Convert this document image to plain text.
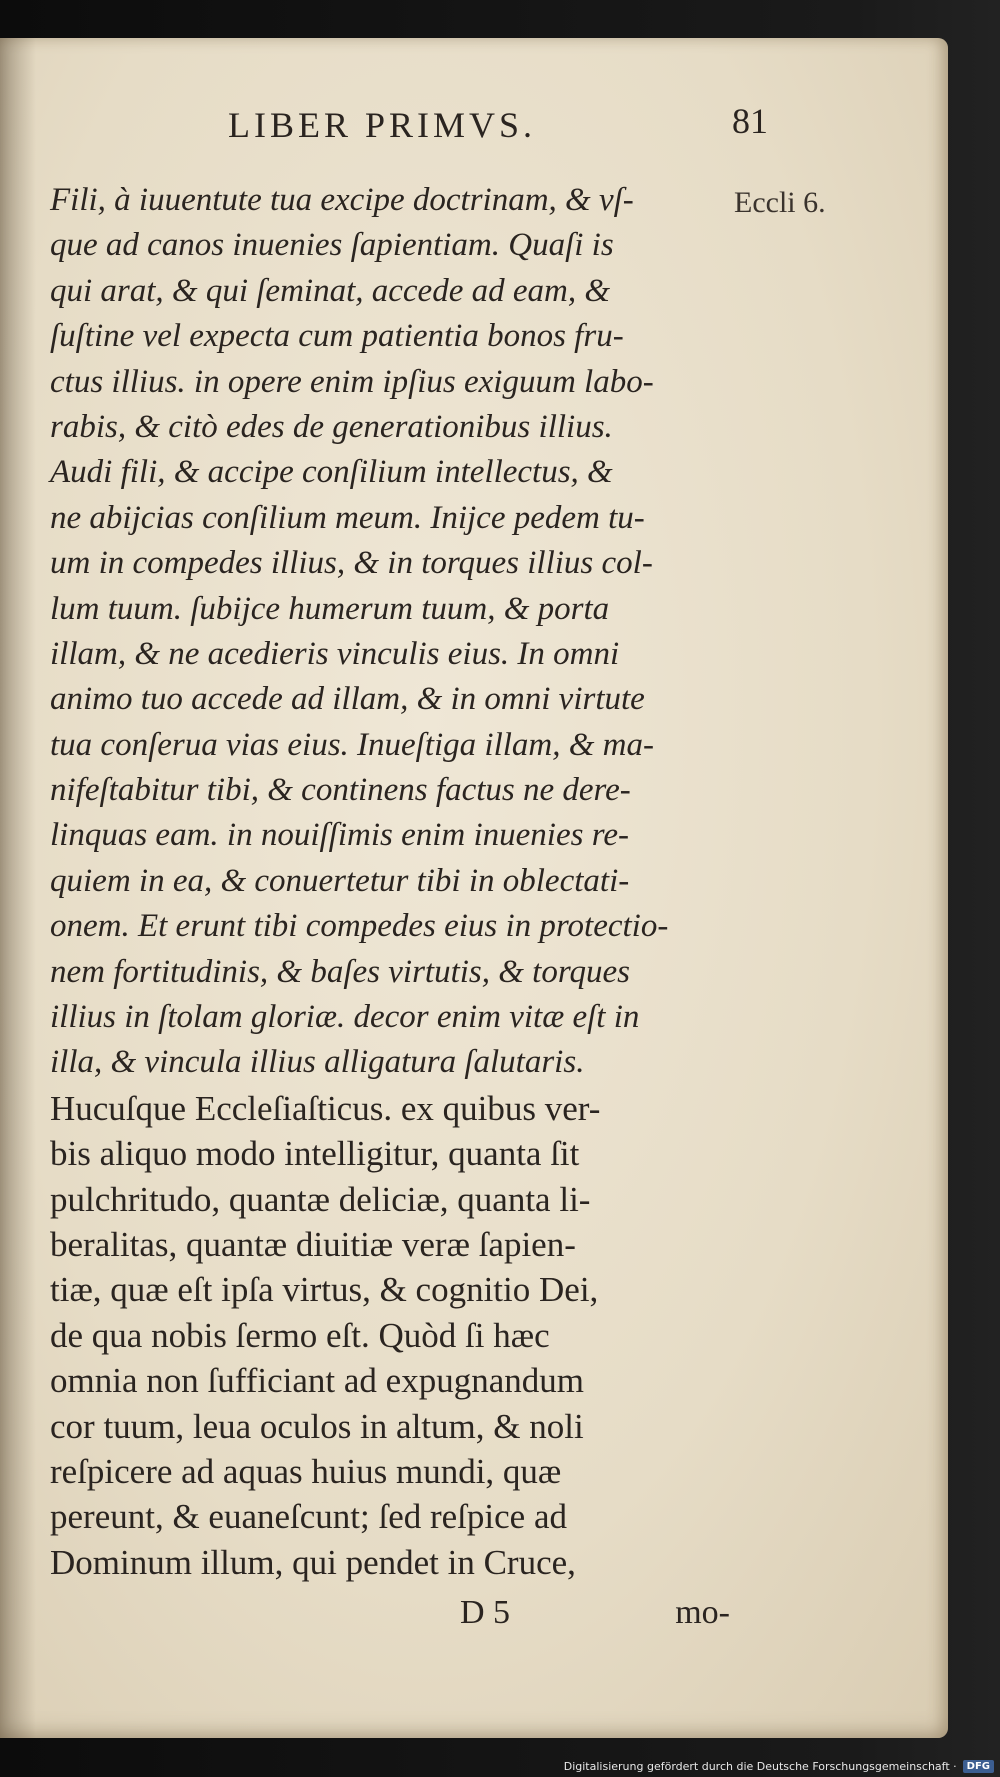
LIBER PRIMVS.	81
Eccli 6.
Fili, à iuuentute tua excipe doctrinam, & vſ-
que ad canos inuenies ſapientiam. Quaſi is
qui arat, & qui ſeminat, accede ad eam, &
ſuſtine vel expecta cum patientia bonos fru-
ctus illius. in opere enim ipſius exiguum labo-
rabis, & citò edes de generationibus illius.
Audi fili, & accipe conſilium intellectus, &
ne abijcias conſilium meum. Inijce pedem tu-
um in compedes illius, & in torques illius col-
lum tuum. ſubijce humerum tuum, & porta
illam, & ne acedieris vinculis eius. In omni
animo tuo accede ad illam, & in omni virtute
tua conſerua vias eius. Inueſtiga illam, & ma-
nifeſtabitur tibi, & continens factus ne dere-
linquas eam. in nouiſſimis enim inuenies re-
quiem in ea, & conuertetur tibi in oblectati-
onem. Et erunt tibi compedes eius in protectio-
nem fortitudinis, & baſes virtutis, & torques
illius in ſtolam gloriæ. decor enim vitæ eſt in
illa, & vincula illius alligatura ſalutaris.
Hucuſque Eccleſiaſticus. ex quibus ver-
bis aliquo modo intelligitur, quanta ſit
pulchritudo, quantæ deliciæ, quanta li-
beralitas, quantæ diuitiæ veræ ſapien-
tiæ, quæ eſt ipſa virtus, & cognitio Dei,
de qua nobis ſermo eſt. Quòd ſi hæc
omnia non ſufficiant ad expugnandum
cor tuum, leua oculos in altum, & noli
reſpicere ad aquas huius mundi, quæ
pereunt, & euaneſcunt; ſed reſpice ad
Dominum illum, qui pendet in Cruce,
D 5	mo-
Digitalisierung gefördert durch die Deutsche Forschungsgemeinschaft ·	DFG
